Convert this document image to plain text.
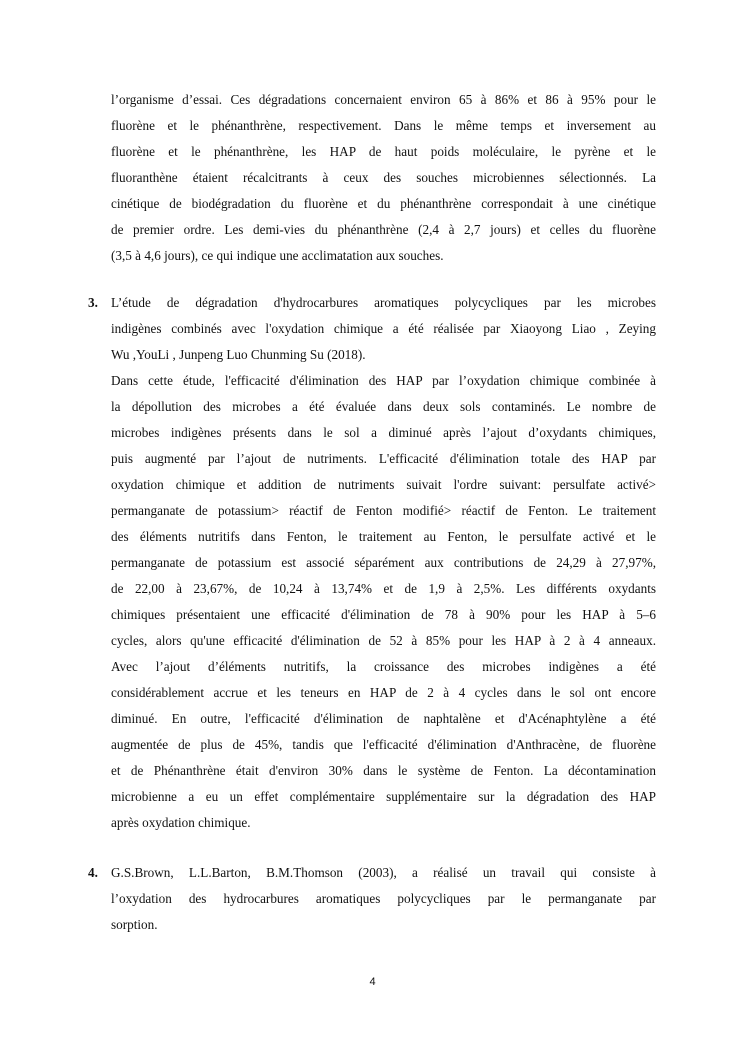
l’organisme d’essai. Ces dégradations concernaient environ 65 à 86% et 86 à 95% pour le
fluorène et le phénanthrène, respectivement. Dans le même temps et inversement au
fluorène et le phénanthrène, les HAP de haut poids moléculaire, le pyrène et le
fluoranthène étaient récalcitrants à ceux des souches microbiennes sélectionnés. La
cinétique de biodégradation du fluorène et du phénanthrène correspondait à une cinétique
de premier ordre. Les demi-vies du phénanthrène (2,4 à 2,7 jours) et celles du fluorène
(3,5 à 4,6 jours), ce qui indique une acclimatation aux souches.
3. L’étude de dégradation d'hydrocarbures aromatiques polycycliques par les microbes
indigènes combinés avec l'oxydation chimique a été réalisée par Xiaoyong Liao , Zeying
Wu ,YouLi , Junpeng Luo Chunming Su (2018).
Dans cette étude, l'efficacité d'élimination des HAP par l’oxydation chimique combinée à
la dépollution des microbes a été évaluée dans deux sols contaminés. Le nombre de
microbes indigènes présents dans le sol a diminué après l’ajout d’oxydants chimiques,
puis augmenté par l’ajout de nutriments. L'efficacité d'élimination totale des HAP par
oxydation chimique et addition de nutriments suivait l'ordre suivant: persulfate activé>
permanganate de potassium> réactif de Fenton modifié> réactif de Fenton. Le traitement
des éléments nutritifs dans Fenton, le traitement au Fenton, le persulfate activé et le
permanganate de potassium est associé séparément aux contributions de 24,29 à 27,97%,
de 22,00 à 23,67%, de 10,24 à 13,74% et de 1,9 à 2,5%. Les différents oxydants
chimiques présentaient une efficacité d'élimination de 78 à 90% pour les HAP à 5–6
cycles, alors qu'une efficacité d'élimination de 52 à 85% pour les HAP à 2 à 4 anneaux.
Avec l’ajout d’éléments nutritifs, la croissance des microbes indigènes a été
considérablement accrue et les teneurs en HAP de 2 à 4 cycles dans le sol ont encore
diminué. En outre, l'efficacité d'élimination de naphtalène et d'Acénaphtylène a été
augmentée de plus de 45%, tandis que l'efficacité d'élimination d'Anthracène, de fluorène
et de Phénanthrène était d'environ 30% dans le système de Fenton. La décontamination
microbienne a eu un effet complémentaire supplémentaire sur la dégradation des HAP
après oxydation chimique.
4. G.S.Brown, L.L.Barton, B.M.Thomson (2003), a réalisé un travail qui consiste à
l’oxydation des hydrocarbures aromatiques polycycliques par le permanganate par
sorption.
4
